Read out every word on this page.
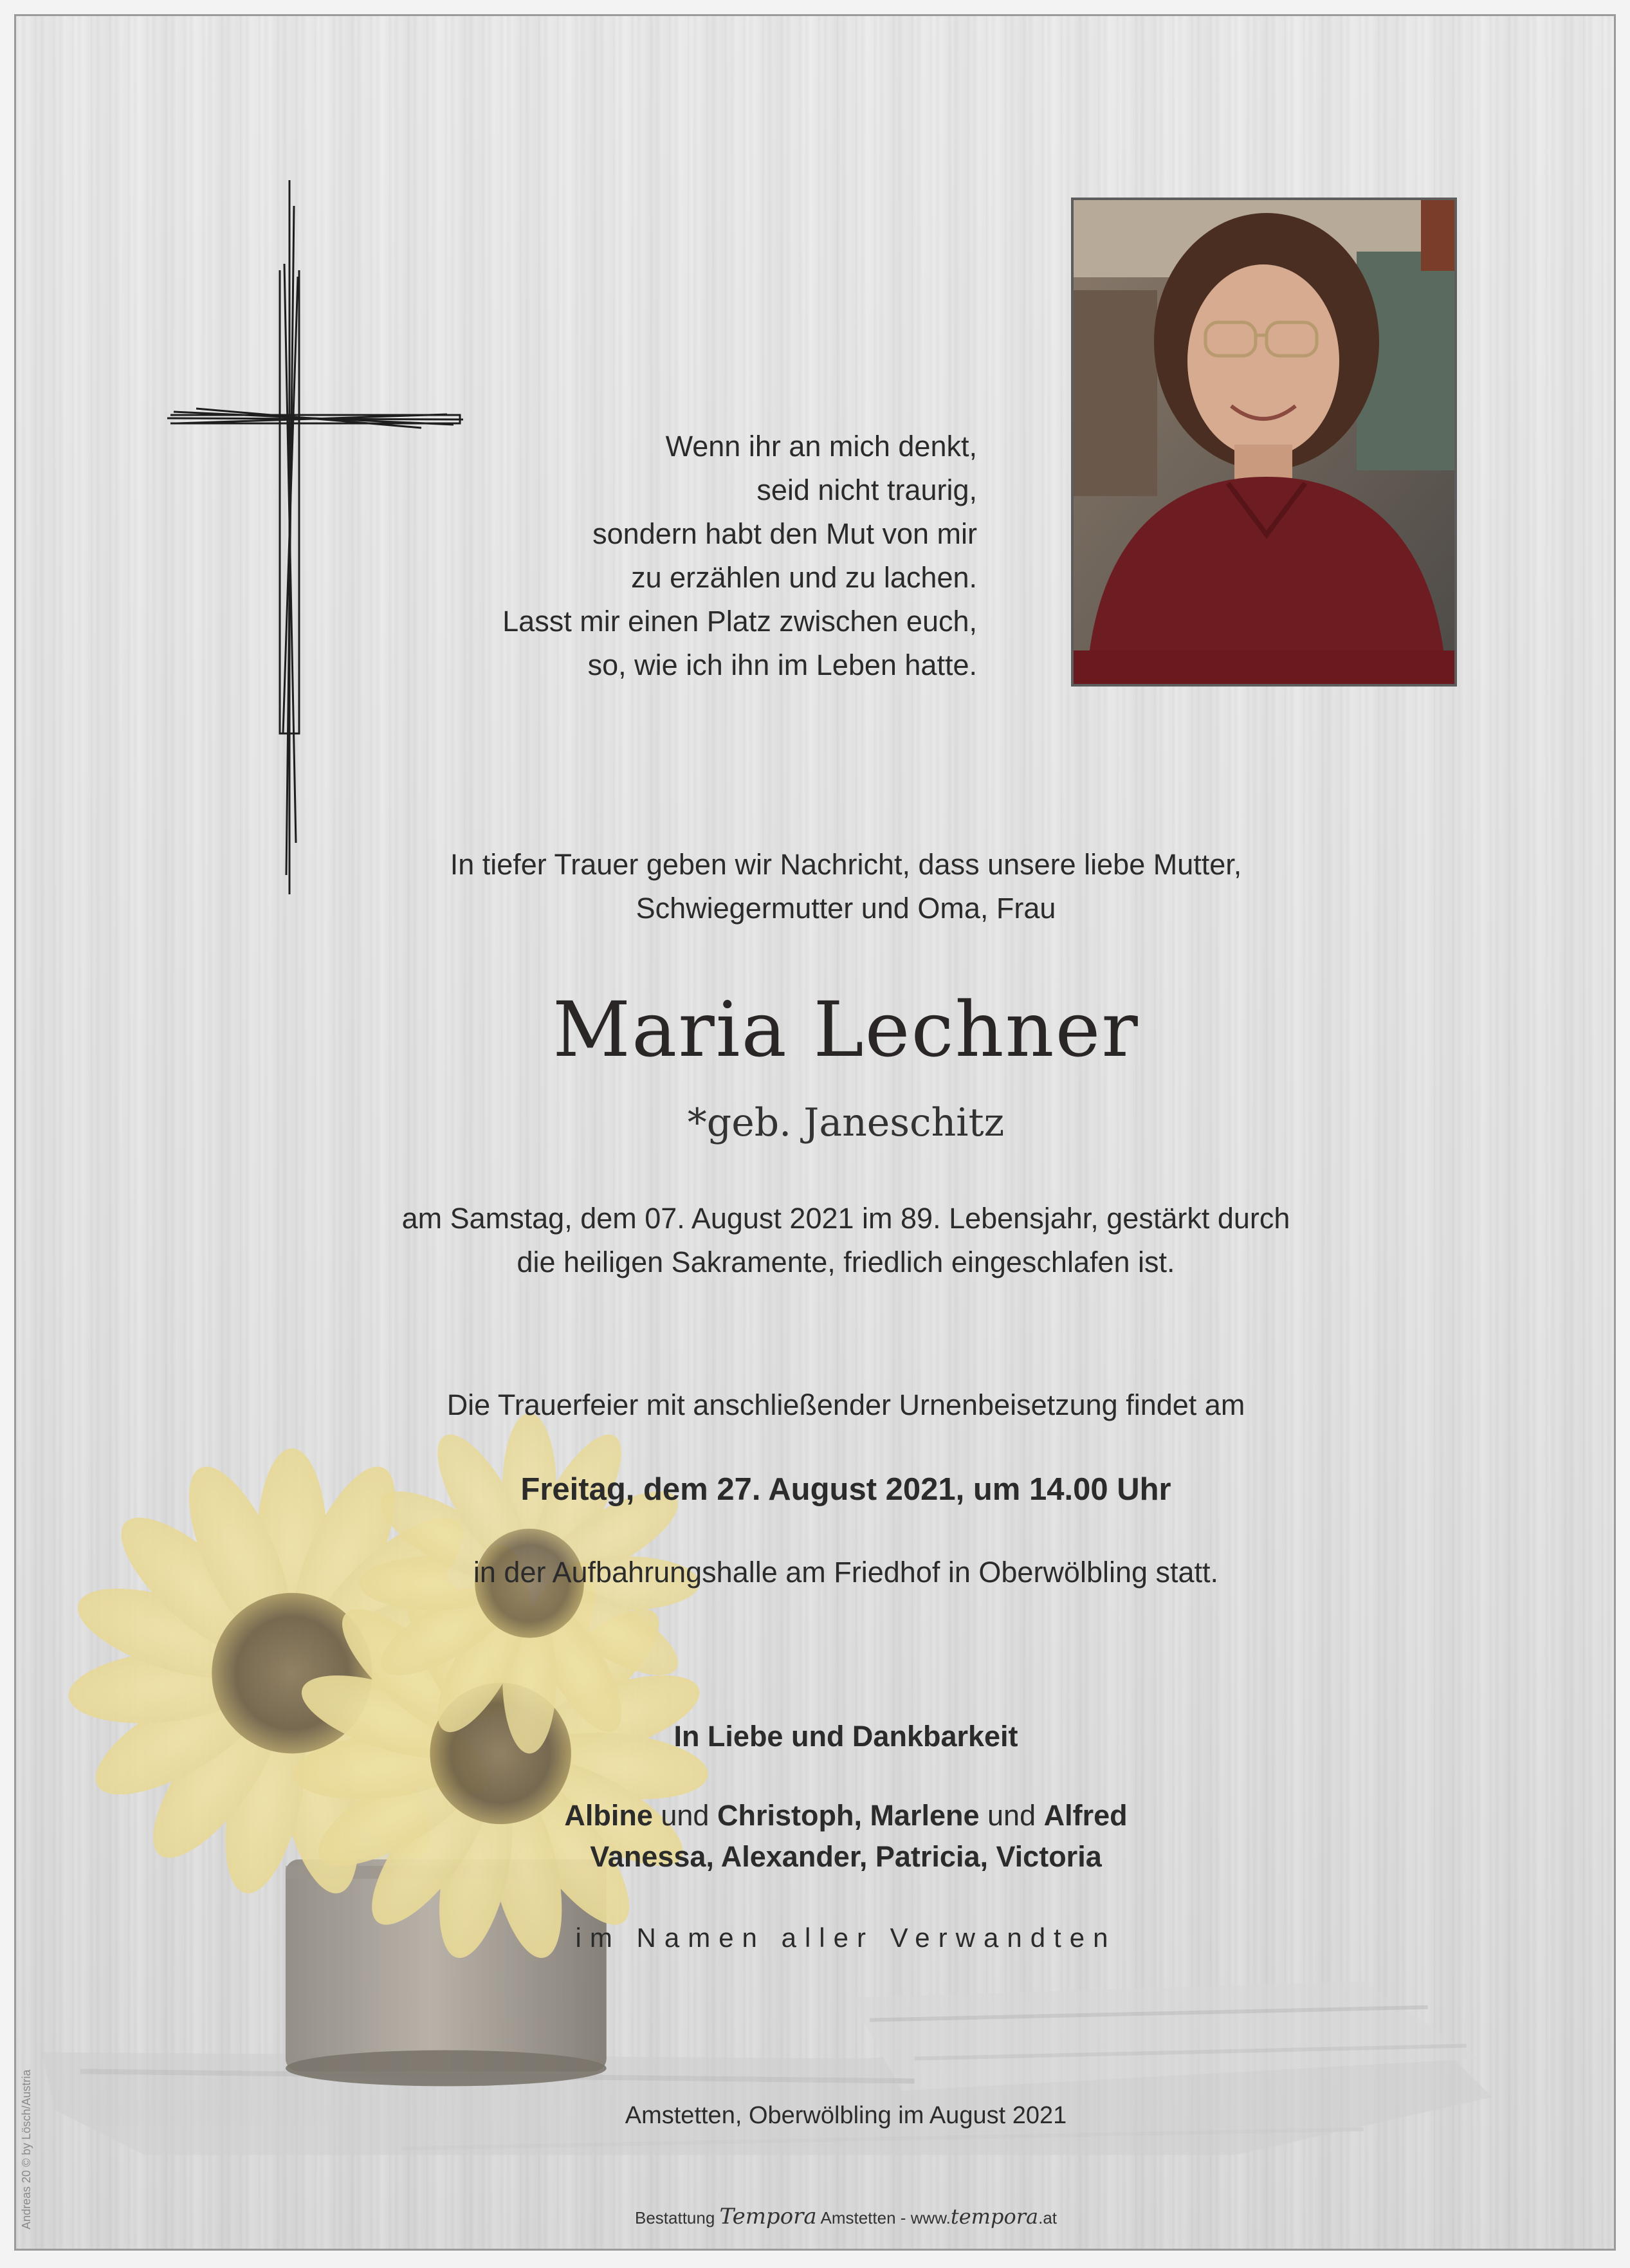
Wenn ihr an mich denkt,
seid nicht traurig,
sondern habt den Mut von mir
zu erzählen und zu lachen.
Lasst mir einen Platz zwischen euch,
so, wie ich ihn im Leben hatte.
In tiefer Trauer geben wir Nachricht, dass unsere liebe Mutter,
Schwiegermutter und Oma, Frau
Maria Lechner
*geb. Janeschitz
am Samstag, dem 07. August 2021 im 89. Lebensjahr, gestärkt durch
die heiligen Sakramente, friedlich eingeschlafen ist.
Die Trauerfeier mit anschließender Urnenbeisetzung findet am
Freitag, dem 27. August 2021, um 14.00 Uhr
in der Aufbahrungshalle am Friedhof in Oberwölbling statt.
In Liebe und Dankbarkeit
Albine und Christoph, Marlene und Alfred
Vanessa, Alexander, Patricia, Victoria
im Namen aller Verwandten
Amstetten, Oberwölbling im August 2021
Bestattung Tempora Amstetten - www.tempora.at
Andreas 20 © by Lösch/Austria
